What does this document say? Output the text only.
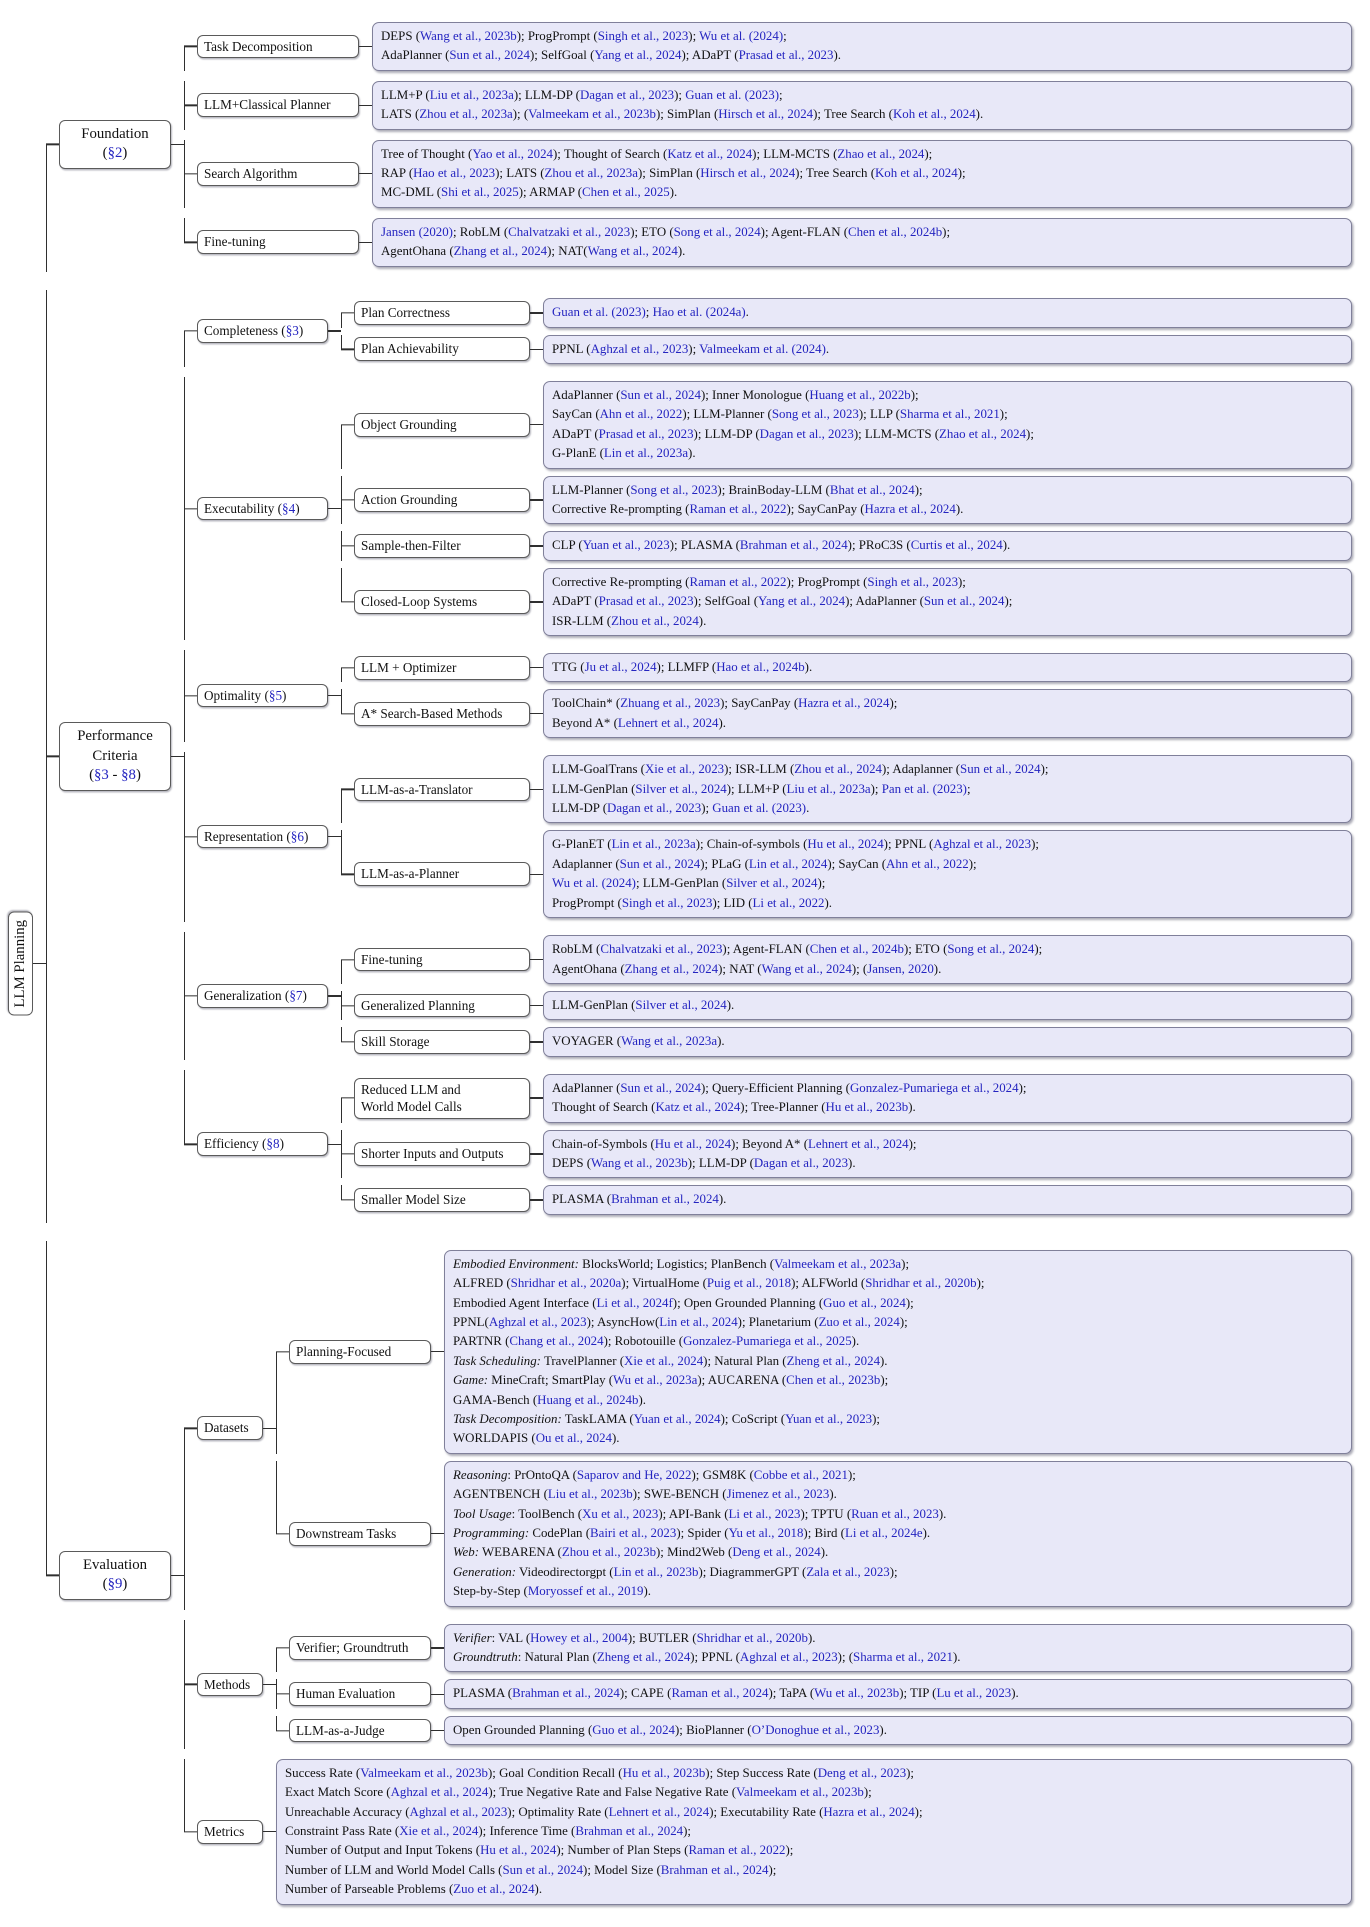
LLM Planning
Foundation
(§2)
Task Decomposition
DEPS (Wang et al., 2023b); ProgPrompt (Singh et al., 2023); Wu et al. (2024);
AdaPlanner (Sun et al., 2024); SelfGoal (Yang et al., 2024); ADaPT (Prasad et al., 2023).
LLM+Classical Planner
LLM+P (Liu et al., 2023a); LLM-DP (Dagan et al., 2023); Guan et al. (2023);
LATS (Zhou et al., 2023a); (Valmeekam et al., 2023b); SimPlan (Hirsch et al., 2024); Tree Search (Koh et al., 2024).
Search Algorithm
Tree of Thought (Yao et al., 2024); Thought of Search (Katz et al., 2024); LLM-MCTS (Zhao et al., 2024);
RAP (Hao et al., 2023); LATS (Zhou et al., 2023a); SimPlan (Hirsch et al., 2024); Tree Search (Koh et al., 2024);
MC-DML (Shi et al., 2025); ARMAP (Chen et al., 2025).
Fine-tuning
Jansen (2020); RobLM (Chalvatzaki et al., 2023); ETO (Song et al., 2024); Agent-FLAN (Chen et al., 2024b);
AgentOhana (Zhang et al., 2024); NAT(Wang et al., 2024).
Performance
Criteria
(§3 - §8)
Completeness (§3)
Plan Correctness	Guan et al. (2023); Hao et al. (2024a).
Plan Achievability	PPNL (Aghzal et al., 2023); Valmeekam et al. (2024).
Executability (§4)
Object Grounding
AdaPlanner (Sun et al., 2024); Inner Monologue (Huang et al., 2022b);
SayCan (Ahn et al., 2022); LLM-Planner (Song et al., 2023); LLP (Sharma et al., 2021);
ADaPT (Prasad et al., 2023); LLM-DP (Dagan et al., 2023); LLM-MCTS (Zhao et al., 2024);
G-PlanE (Lin et al., 2023a).
Action Grounding
LLM-Planner (Song et al., 2023); BrainBoday-LLM (Bhat et al., 2024);
Corrective Re-prompting (Raman et al., 2022); SayCanPay (Hazra et al., 2024).
Sample-then-Filter	CLP (Yuan et al., 2023); PLASMA (Brahman et al., 2024); PRoC3S (Curtis et al., 2024).
Closed-Loop Systems
Corrective Re-prompting (Raman et al., 2022); ProgPrompt (Singh et al., 2023);
ADaPT (Prasad et al., 2023); SelfGoal (Yang et al., 2024); AdaPlanner (Sun et al., 2024);
ISR-LLM (Zhou et al., 2024).
Optimality (§5)
LLM + Optimizer	TTG (Ju et al., 2024); LLMFP (Hao et al., 2024b).
A* Search-Based Methods
ToolChain* (Zhuang et al., 2023); SayCanPay (Hazra et al., 2024);
Beyond A* (Lehnert et al., 2024).
Representation (§6)
LLM-as-a-Translator
LLM-GoalTrans (Xie et al., 2023); ISR-LLM (Zhou et al., 2024); Adaplanner (Sun et al., 2024);
LLM-GenPlan (Silver et al., 2024); LLM+P (Liu et al., 2023a); Pan et al. (2023);
LLM-DP (Dagan et al., 2023); Guan et al. (2023).
LLM-as-a-Planner
G-PlanET (Lin et al., 2023a); Chain-of-symbols (Hu et al., 2024); PPNL (Aghzal et al., 2023);
Adaplanner (Sun et al., 2024); PLaG (Lin et al., 2024); SayCan (Ahn et al., 2022);
Wu et al. (2024); LLM-GenPlan (Silver et al., 2024);
ProgPrompt (Singh et al., 2023); LID (Li et al., 2022).
Generalization (§7)
Fine-tuning
RobLM (Chalvatzaki et al., 2023); Agent-FLAN (Chen et al., 2024b); ETO (Song et al., 2024);
AgentOhana (Zhang et al., 2024); NAT (Wang et al., 2024); (Jansen, 2020).
Generalized Planning	LLM-GenPlan (Silver et al., 2024).
Skill Storage	VOYAGER (Wang et al., 2023a).
Efficiency (§8)
Reduced LLM and
World Model Calls
AdaPlanner (Sun et al., 2024); Query-Efficient Planning (Gonzalez-Pumariega et al., 2024);
Thought of Search (Katz et al., 2024); Tree-Planner (Hu et al., 2023b).
Shorter Inputs and Outputs
Chain-of-Symbols (Hu et al., 2024); Beyond A* (Lehnert et al., 2024);
DEPS (Wang et al., 2023b); LLM-DP (Dagan et al., 2023).
Smaller Model Size	PLASMA (Brahman et al., 2024).
Evaluation
(§9)
Datasets
Planning-Focused
Embodied Environment: BlocksWorld; Logistics; PlanBench (Valmeekam et al., 2023a);
ALFRED (Shridhar et al., 2020a); VirtualHome (Puig et al., 2018); ALFWorld (Shridhar et al., 2020b);
Embodied Agent Interface (Li et al., 2024f); Open Grounded Planning (Guo et al., 2024);
PPNL(Aghzal et al., 2023); AsyncHow(Lin et al., 2024); Planetarium (Zuo et al., 2024);
PARTNR (Chang et al., 2024); Robotouille (Gonzalez-Pumariega et al., 2025).
Task Scheduling: TravelPlanner (Xie et al., 2024); Natural Plan (Zheng et al., 2024).
Game: MineCraft; SmartPlay (Wu et al., 2023a); AUCARENA (Chen et al., 2023b);
GAMA-Bench (Huang et al., 2024b).
Task Decomposition: TaskLAMA (Yuan et al., 2024); CoScript (Yuan et al., 2023);
WORLDAPIS (Ou et al., 2024).
Downstream Tasks
Reasoning: PrOntoQA (Saparov and He, 2022); GSM8K (Cobbe et al., 2021);
AGENTBENCH (Liu et al., 2023b); SWE-BENCH (Jimenez et al., 2023).
Tool Usage: ToolBench (Xu et al., 2023); API-Bank (Li et al., 2023); TPTU (Ruan et al., 2023).
Programming: CodePlan (Bairi et al., 2023); Spider (Yu et al., 2018); Bird (Li et al., 2024e).
Web: WEBARENA (Zhou et al., 2023b); Mind2Web (Deng et al., 2024).
Generation: Videodirectorgpt (Lin et al., 2023b); DiagrammerGPT (Zala et al., 2023);
Step-by-Step (Moryossef et al., 2019).
Methods
Verifier; Groundtruth
Verifier: VAL (Howey et al., 2004); BUTLER (Shridhar et al., 2020b).
Groundtruth: Natural Plan (Zheng et al., 2024); PPNL (Aghzal et al., 2023); (Sharma et al., 2021).
Human Evaluation	PLASMA (Brahman et al., 2024); CAPE (Raman et al., 2024); TaPA (Wu et al., 2023b); TIP (Lu et al., 2023).
LLM-as-a-Judge	Open Grounded Planning (Guo et al., 2024); BioPlanner (O’Donoghue et al., 2023).
Metrics
Success Rate (Valmeekam et al., 2023b); Goal Condition Recall (Hu et al., 2023b); Step Success Rate (Deng et al., 2023);
Exact Match Score (Aghzal et al., 2024); True Negative Rate and False Negative Rate (Valmeekam et al., 2023b);
Unreachable Accuracy (Aghzal et al., 2023); Optimality Rate (Lehnert et al., 2024); Executability Rate (Hazra et al., 2024);
Constraint Pass Rate (Xie et al., 2024); Inference Time (Brahman et al., 2024);
Number of Output and Input Tokens (Hu et al., 2024); Number of Plan Steps (Raman et al., 2022);
Number of LLM and World Model Calls (Sun et al., 2024); Model Size (Brahman et al., 2024);
Number of Parseable Problems (Zuo et al., 2024).
